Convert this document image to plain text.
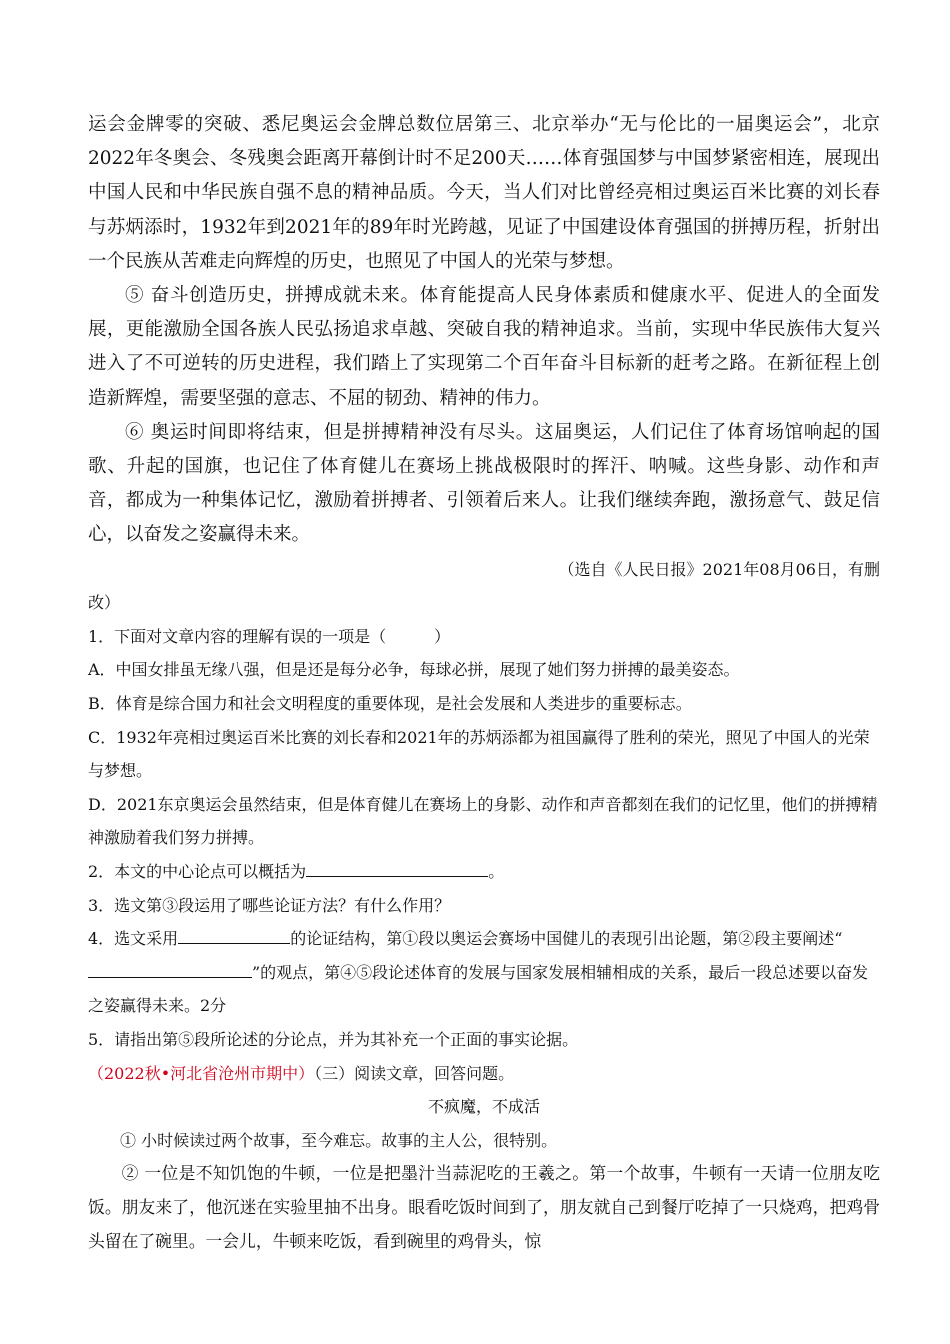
运会金牌零的突破、悉尼奥运会金牌总数位居第三、北京举办“无与伦比的一届奥运会”，北京2022年冬奥会、冬残奥会距离开幕倒计时不足200天……体育强国梦与中国梦紧密相连，展现出中国人民和中华民族自强不息的精神品质。今天，当人们对比曾经亮相过奥运百米比赛的刘长春与苏炳添时，1932年到2021年的89年时光跨越，见证了中国建设体育强国的拼搏历程，折射出一个民族从苦难走向辉煌的历史，也照见了中国人的光荣与梦想。

⑤ 奋斗创造历史，拼搏成就未来。体育能提高人民身体素质和健康水平、促进人的全面发展，更能激励全国各族人民弘扬追求卓越、突破自我的精神追求。当前，实现中华民族伟大复兴进入了不可逆转的历史进程，我们踏上了实现第二个百年奋斗目标新的赶考之路。在新征程上创造新辉煌，需要坚强的意志、不屈的韧劲、精神的伟力。

⑥ 奥运时间即将结束，但是拼搏精神没有尽头。这届奥运，人们记住了体育场馆响起的国歌、升起的国旗，也记住了体育健儿在赛场上挑战极限时的挥汗、呐喊。这些身影、动作和声音，都成为一种集体记忆，激励着拼搏者、引领着后来人。让我们继续奔跑，激扬意气、鼓足信心，以奋发之姿赢得未来。

（选自《人民日报》2021年08月06日，有删
改）

1．下面对文章内容的理解有误的一项是（　　　）

A．中国女排虽无缘八强，但是还是每分必争，每球必拼，展现了她们努力拼搏的最美姿态。

B．体育是综合国力和社会文明程度的重要体现，是社会发展和人类进步的重要标志。

C．1932年亮相过奥运百米比赛的刘长春和2021年的苏炳添都为祖国赢得了胜利的荣光，照见了中国人的光荣与梦想。

D．2021东京奥运会虽然结束，但是体育健儿在赛场上的身影、动作和声音都刻在我们的记忆里，他们的拼搏精神激励着我们努力拼搏。

2．本文的中心论点可以概括为	。

3．选文第③段运用了哪些论证方法？有什么作用？

4．选文采用	的论证结构，第①段以奥运会赛场中国健儿的表现引出论题，第②段主要阐述“”的观点，第④⑤段论述体育的发展与国家发展相辅相成的关系，最后一段总述要以奋发之姿赢得未来。2分

5．请指出第⑤段所论述的分论点，并为其补充一个正面的事实论据。

（2022秋•河北省沧州市期中）（三）阅读文章，回答问题。

不疯魔，不成活

① 小时候读过两个故事，至今难忘。故事的主人公，很特别。

② 一位是不知饥饱的牛顿，一位是把墨汁当蒜泥吃的王羲之。第一个故事，牛顿有一天请一位朋友吃饭。朋友来了，他沉迷在实验里抽不出身。眼看吃饭时间到了，朋友就自己到餐厅吃掉了一只烧鸡，把鸡骨头留在了碗里。一会儿，牛顿来吃饭，看到碗里的鸡骨头，惊
